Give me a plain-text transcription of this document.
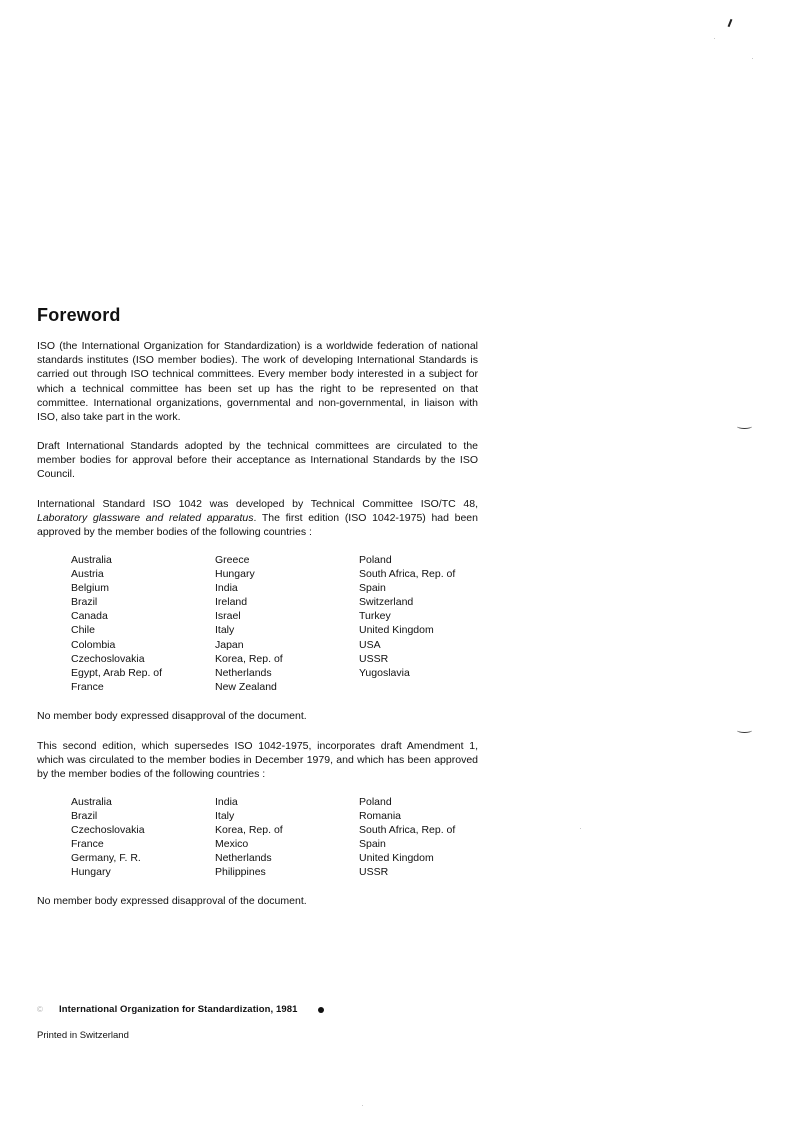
Foreword

ISO (the International Organization for Standardization) is a worldwide federation of national standards institutes (ISO member bodies). The work of developing International Standards is carried out through ISO technical committees. Every member body interested in a subject for which a technical committee has been set up has the right to be represented on that committee. International organizations, governmental and non-governmental, in liaison with ISO, also take part in the work.

Draft International Standards adopted by the technical committees are circulated to the member bodies for approval before their acceptance as International Standards by the ISO Council.

International Standard ISO 1042 was developed by Technical Committee ISO/TC 48, Laboratory glassware and related apparatus. The first edition (ISO 1042-1975) had been approved by the member bodies of the following countries :

Australia
Austria
Belgium
Brazil
Canada
Chile
Colombia
Czechoslovakia
Egypt, Arab Rep. of
France
Greece
Hungary
India
Ireland
Israel
Italy
Japan
Korea, Rep. of
Netherlands
New Zealand
Poland
South Africa, Rep. of
Spain
Switzerland
Turkey
United Kingdom
USA
USSR
Yugoslavia

No member body expressed disapproval of the document.

This second edition, which supersedes ISO 1042-1975, incorporates draft Amendment 1, which was circulated to the member bodies in December 1979, and which has been approved by the member bodies of the following countries :

Australia
Brazil
Czechoslovakia
France
Germany, F. R.
Hungary
India
Italy
Korea, Rep. of
Mexico
Netherlands
Philippines
Poland
Romania
South Africa, Rep. of
Spain
United Kingdom
USSR

No member body expressed disapproval of the document.

©	International Organization for Standardization, 1981
Printed in Switzerland
